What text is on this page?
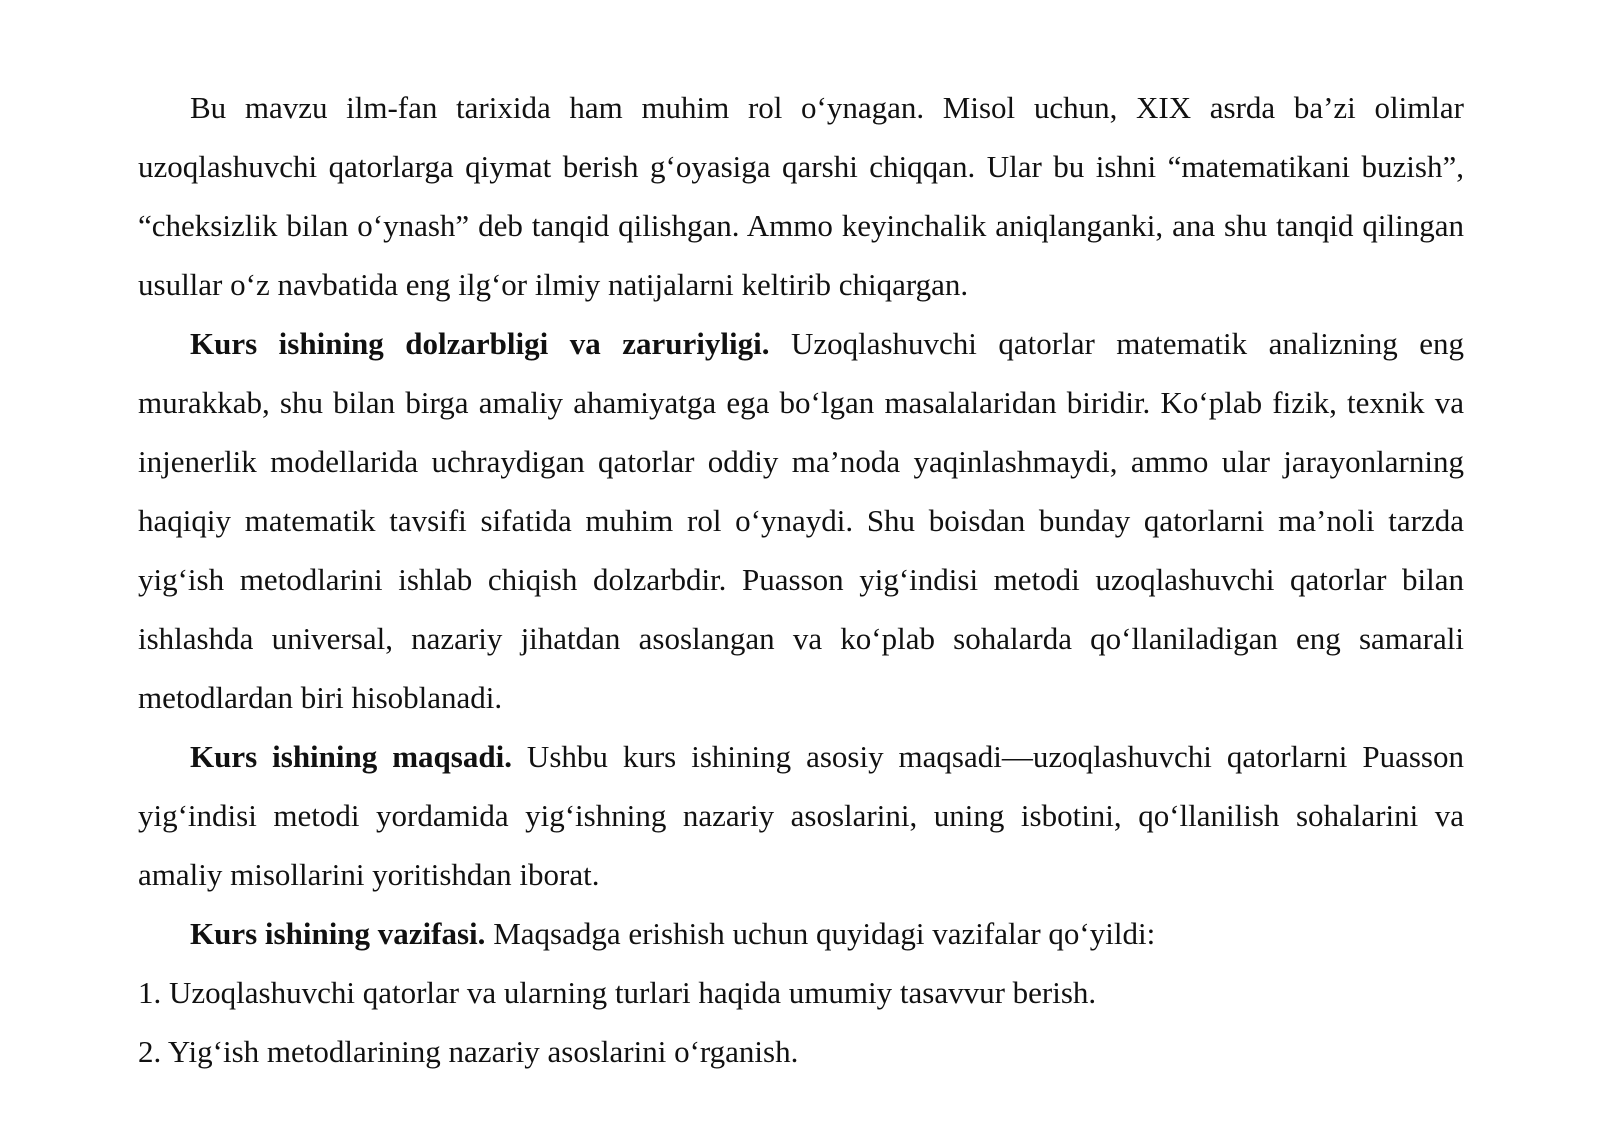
Bu mavzu ilm-fan tarixida ham muhim rol o‘ynagan. Misol uchun, XIX asrda ba’zi olimlar uzoqlashuvchi qatorlarga qiymat berish g‘oyasiga qarshi chiqqan. Ular bu ishni “matematikani buzish”, “cheksizlik bilan o‘ynash” deb tanqid qilishgan. Ammo keyinchalik aniqlanganki, ana shu tanqid qilingan usullar o‘z navbatida eng ilg‘or ilmiy natijalarni keltirib chiqargan.

Kurs ishining dolzarbligi va zaruriyligi. Uzoqlashuvchi qatorlar matematik analizning eng murakkab, shu bilan birga amaliy ahamiyatga ega bo‘lgan masalalaridan biridir. Ko‘plab fizik, texnik va injenerlik modellarida uchraydigan qatorlar oddiy ma’noda yaqinlashmaydi, ammo ular jarayonlarning haqiqiy matematik tavsifi sifatida muhim rol o‘ynaydi. Shu boisdan bunday qatorlarni ma’noli tarzda yig‘ish metodlarini ishlab chiqish dolzarbdir. Puasson yig‘indisi metodi uzoqlashuvchi qatorlar bilan ishlashda universal, nazariy jihatdan asoslangan va ko‘plab sohalarda qo‘llaniladigan eng samarali metodlardan biri hisoblanadi.

Kurs ishining maqsadi. Ushbu kurs ishining asosiy maqsadi—uzoqlashuvchi qatorlarni Puasson yig‘indisi metodi yordamida yig‘ishning nazariy asoslarini, uning isbotini, qo‘llanilish sohalarini va amaliy misollarini yoritishdan iborat.

Kurs ishining vazifasi. Maqsadga erishish uchun quyidagi vazifalar qo‘yildi:

1. Uzoqlashuvchi qatorlar va ularning turlari haqida umumiy tasavvur berish.

2. Yig‘ish metodlarining nazariy asoslarini o‘rganish.
